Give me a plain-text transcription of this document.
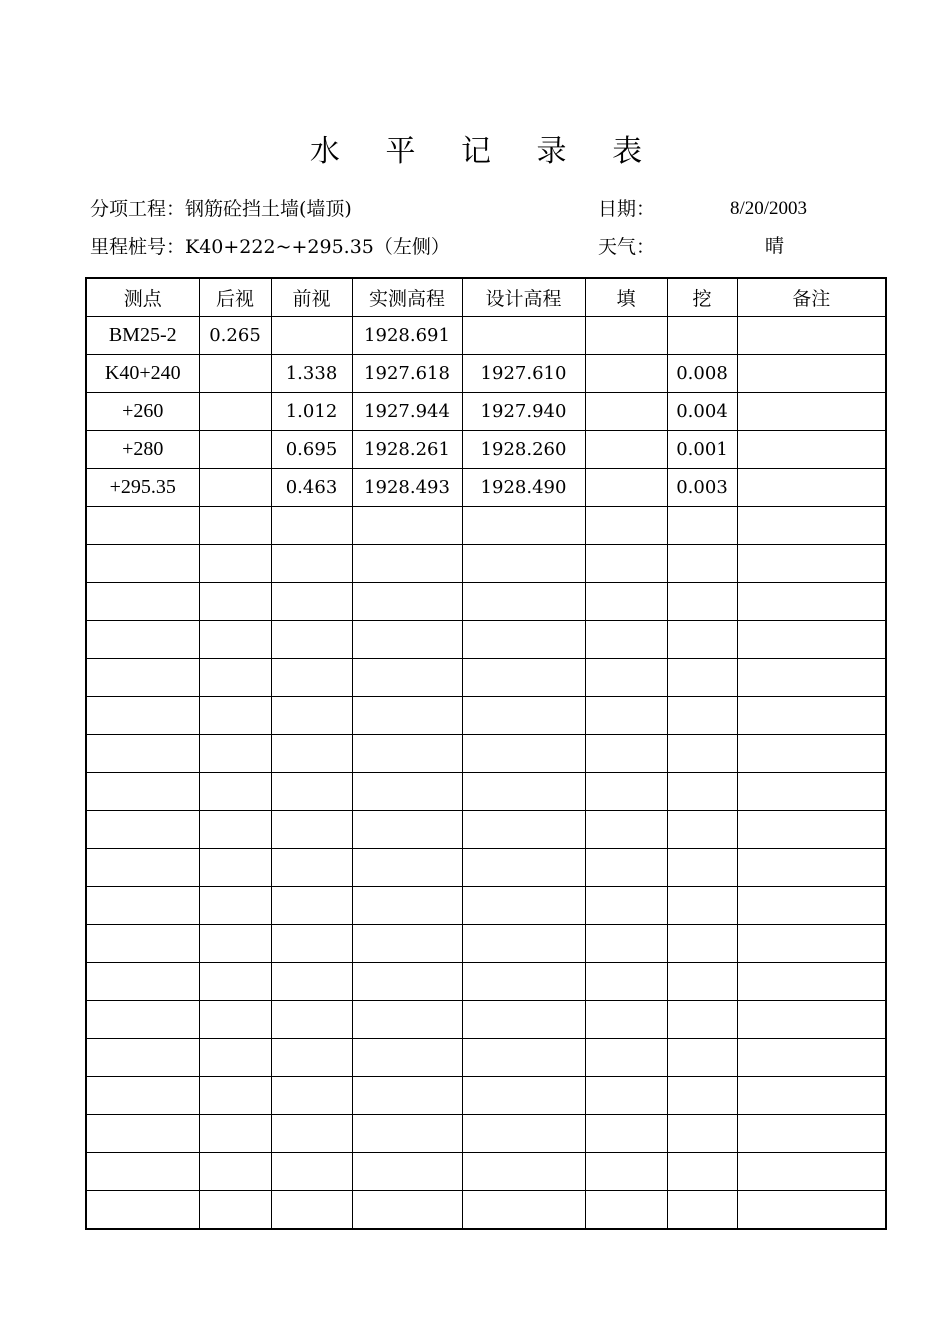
水 平 记 录 表
分项工程：钢筋砼挡土墙(墙顶)	日期：	8/20/2003
里程桩号：K40+222~+295.35（左侧）	天气：	晴
测点	后视	前视	实测高程	设计高程	填	挖	备注
BM25-2	0.265		1928.691				
K40+240		1.338	1927.618	1927.610		0.008	
+260		1.012	1927.944	1927.940		0.004	
+280		0.695	1928.261	1928.260		0.001	
+295.35		0.463	1928.493	1928.490		0.003	
